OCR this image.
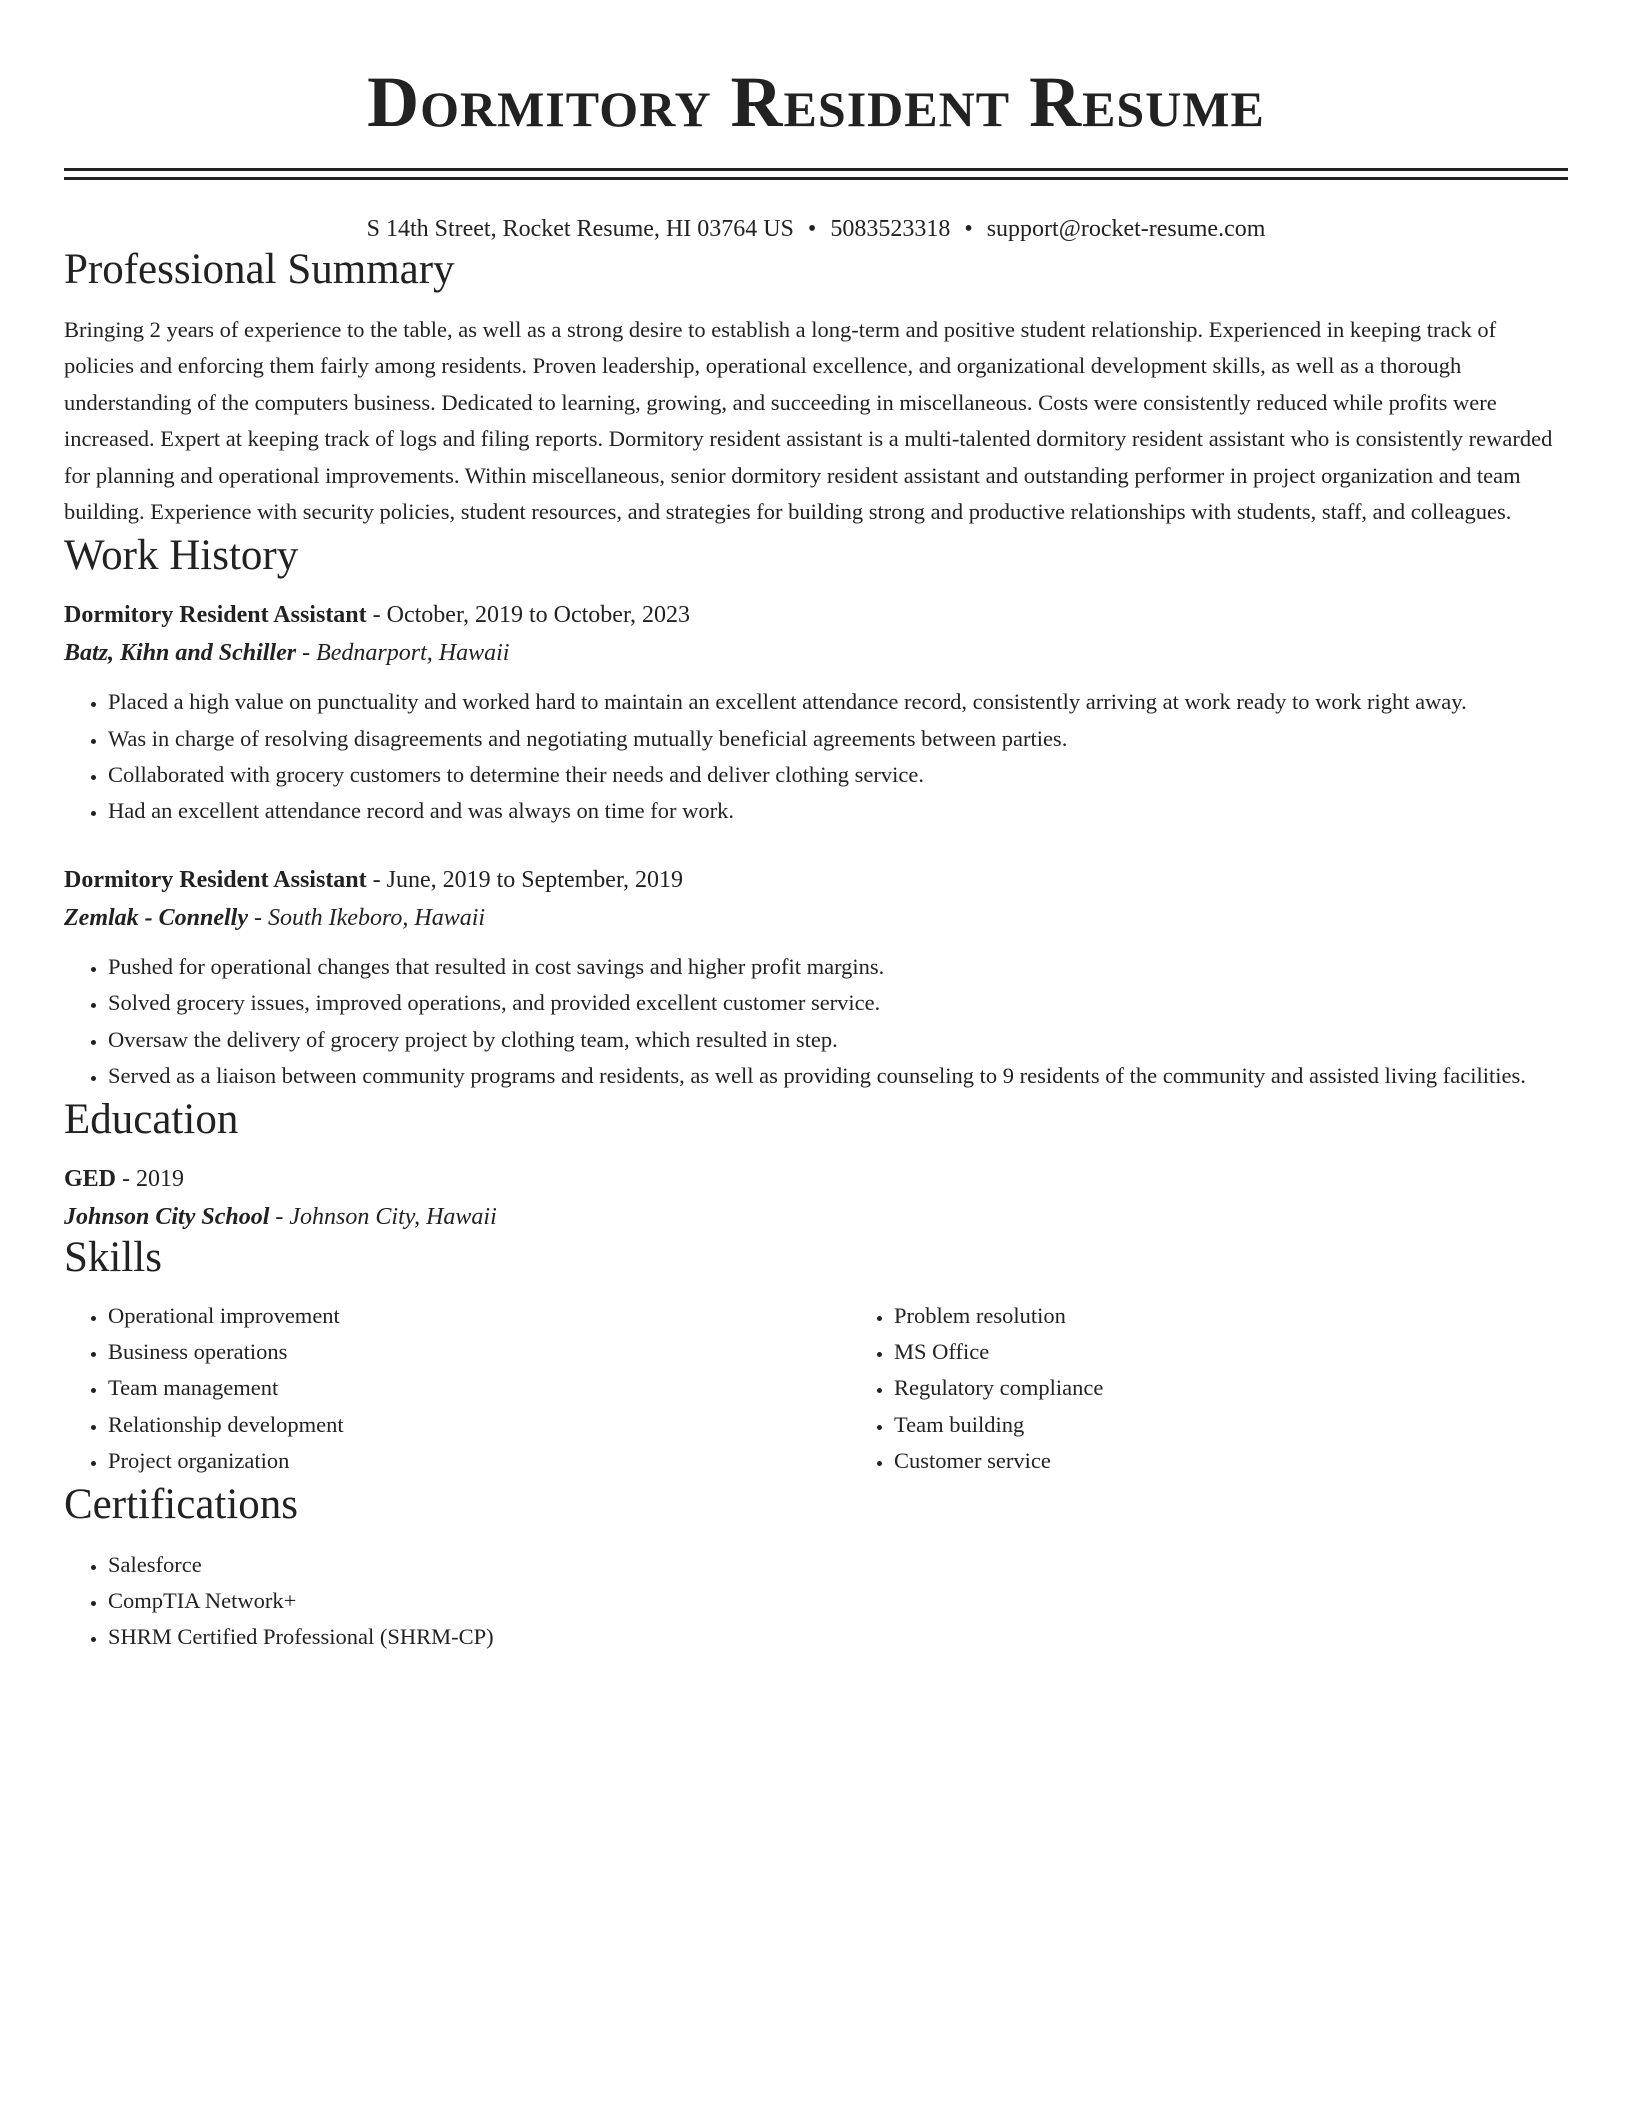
Dormitory Resident Resume
S 14th Street, Rocket Resume, HI 03764 US • 5083523318 • support@rocket-resume.com
Professional Summary

Bringing 2 years of experience to the table, as well as a strong desire to establish a long-term and positive student relationship. Experienced in keeping track of policies and enforcing them fairly among residents. Proven leadership, operational excellence, and organizational development skills, as well as a thorough understanding of the computers business. Dedicated to learning, growing, and succeeding in miscellaneous. Costs were consistently reduced while profits were increased. Expert at keeping track of logs and filing reports. Dormitory resident assistant is a multi-talented dormitory resident assistant who is consistently rewarded for planning and operational improvements. Within miscellaneous, senior dormitory resident assistant and outstanding performer in project organization and team building. Experience with security policies, student resources, and strategies for building strong and productive relationships with students, staff, and colleagues.

Work History
Dormitory Resident Assistant - October, 2019 to October, 2023
Batz, Kihn and Schiller - Bednarport, Hawaii
• Placed a high value on punctuality and worked hard to maintain an excellent attendance record, consistently arriving at work ready to work right away.
• Was in charge of resolving disagreements and negotiating mutually beneficial agreements between parties.
• Collaborated with grocery customers to determine their needs and deliver clothing service.
• Had an excellent attendance record and was always on time for work.
Dormitory Resident Assistant - June, 2019 to September, 2019
Zemlak - Connelly - South Ikeboro, Hawaii
• Pushed for operational changes that resulted in cost savings and higher profit margins.
• Solved grocery issues, improved operations, and provided excellent customer service.
• Oversaw the delivery of grocery project by clothing team, which resulted in step.
• Served as a liaison between community programs and residents, as well as providing counseling to 9 residents of the community and assisted living facilities.
Education
GED - 2019
Johnson City School - Johnson City, Hawaii
Skills
• Operational improvement
• Business operations
• Team management
• Relationship development
• Project organization
• Problem resolution
• MS Office
• Regulatory compliance
• Team building
• Customer service
Certifications
• Salesforce
• CompTIA Network+
• SHRM Certified Professional (SHRM-CP)
